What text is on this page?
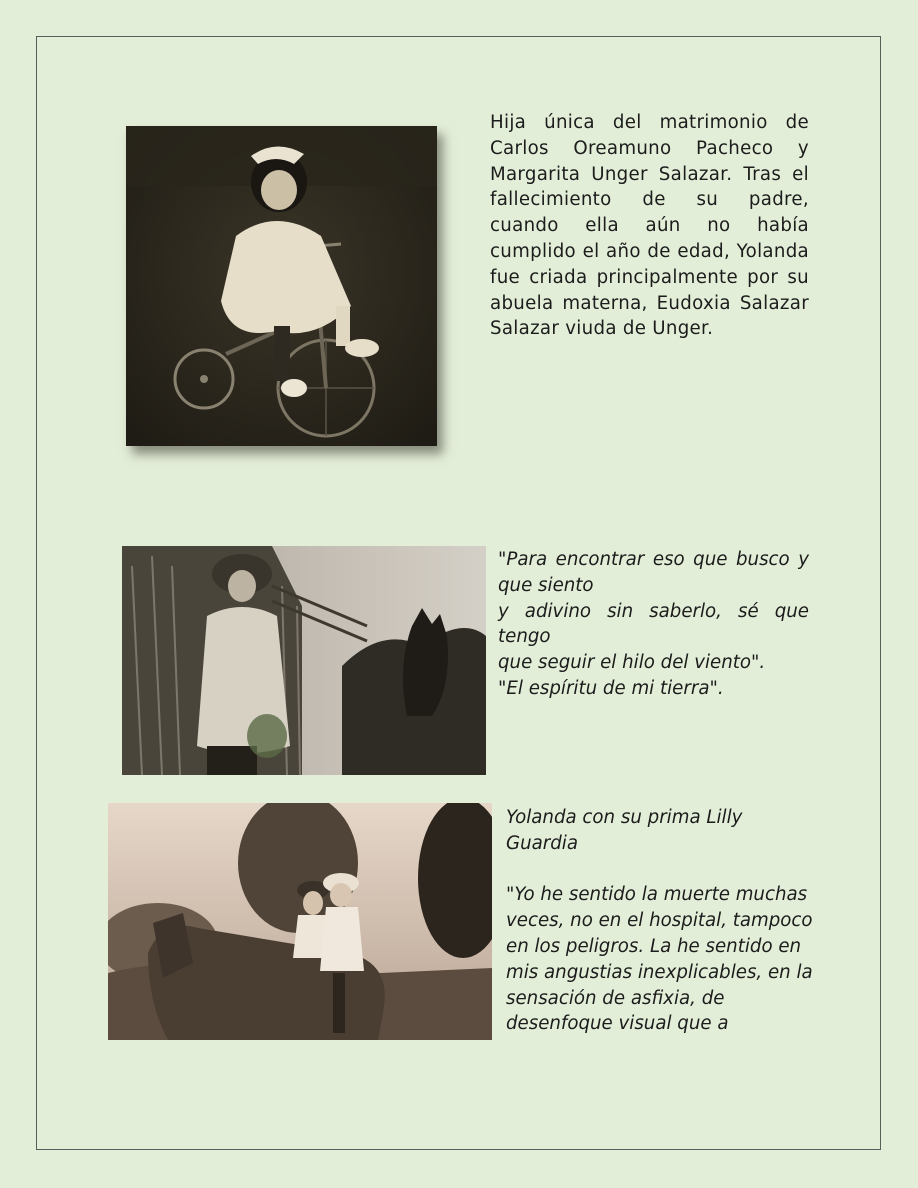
Hija única del matrimonio de Carlos Oreamuno Pacheco y Margarita Unger Salazar. Tras el fallecimiento de su padre, cuando ella aún no había cumplido el año de edad, Yolanda fue criada principalmente por su abuela materna, Eudoxia Salazar Salazar viuda de Unger.

"Para encontrar eso que busco y que siento

y adivino sin saberlo, sé que tengo

que seguir el hilo del viento".

"El espíritu de mi tierra".

Yolanda con su prima Lilly Guardia

"Yo he sentido la muerte muchas veces, no en el hospital, tampoco en los peligros. La he sentido en mis angustias inexplicables, en la sensación de asfixia, de desenfoque visual que a
